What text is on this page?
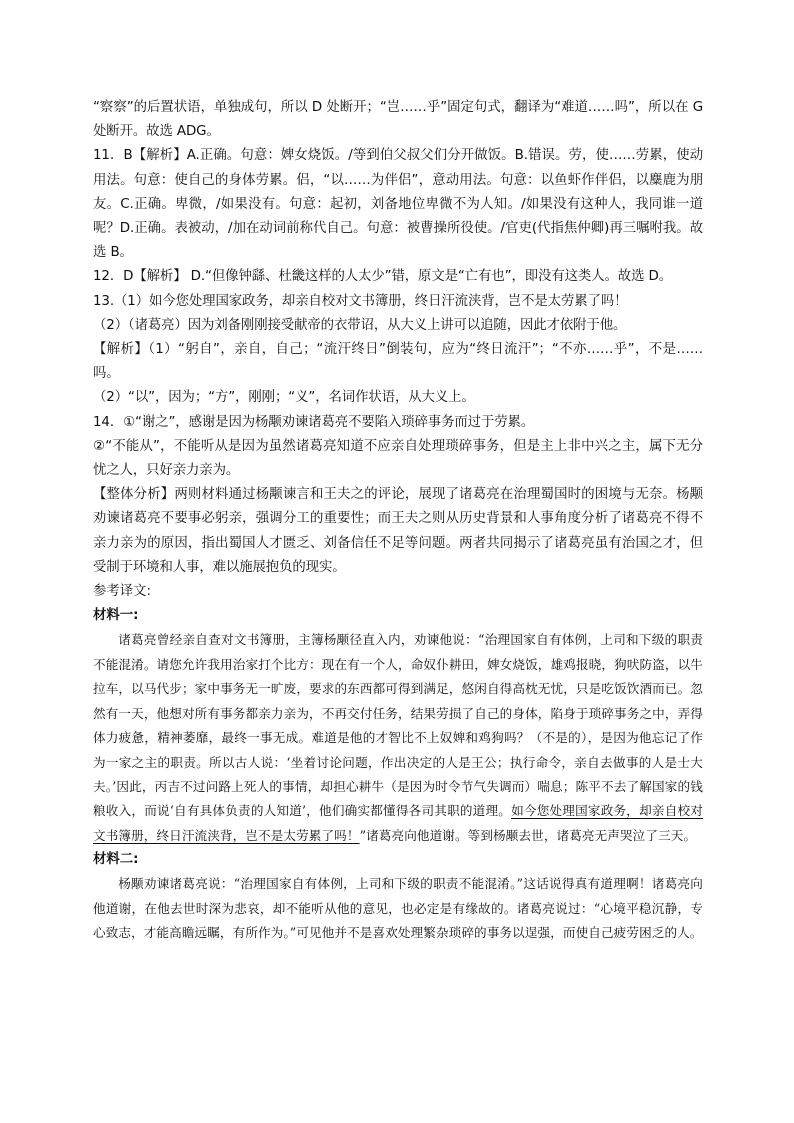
“察察”的后置状语，单独成句，所以 D 处断开；“岂……乎”固定句式，翻译为“难道……吗”，所以在 G 处断开。故选 ADG。

11．B【解析】A.正确。句意：婢女烧饭。/等到伯父叔父们分开做饭。B.错误。劳，使……劳累，使动用法。句意：使自己的身体劳累。侣，“以……为伴侣”，意动用法。句意：以鱼虾作伴侣，以麋鹿为朋友。C.正确。卑微，/如果没有。句意：起初，刘备地位卑微不为人知。/如果没有这种人，我同谁一道呢？D.正确。表被动，/加在动词前称代自己。句意：被曹操所役使。/官吏(代指焦仲卿)再三嘱咐我。故选 B。

12．D【解析】 D.“但像钟繇、杜畿这样的人太少”错，原文是“亡有也”，即没有这类人。故选 D。

13.（1）如今您处理国家政务，却亲自校对文书簿册，终日汗流浃背，岂不是太劳累了吗！

（2）（诸葛亮）因为刘备刚刚接受献帝的衣带诏，从大义上讲可以追随，因此才依附于他。

【解析】（1）“躬自”，亲自，自己；“流汗终日”倒装句，应为“终日流汗”；“不亦……乎”，不是……吗。

（2）“以”，因为；“方”，刚刚；“义”，名词作状语，从大义上。

14．①“谢之”，感谢是因为杨颙劝谏诸葛亮不要陷入琐碎事务而过于劳累。

②“不能从”，不能听从是因为虽然诸葛亮知道不应亲自处理琐碎事务，但是主上非中兴之主，属下无分忧之人，只好亲力亲为。

【整体分析】两则材料通过杨颙谏言和王夫之的评论，展现了诸葛亮在治理蜀国时的困境与无奈。杨颙劝谏诸葛亮不要事必躬亲，强调分工的重要性；而王夫之则从历史背景和人事角度分析了诸葛亮不得不亲力亲为的原因，指出蜀国人才匮乏、刘备信任不足等问题。两者共同揭示了诸葛亮虽有治国之才，但受制于环境和人事，难以施展抱负的现实。

参考译文:

材料一:

诸葛亮曾经亲自查对文书簿册，主簿杨颙径直入内，劝谏他说：“治理国家自有体例，上司和下级的职责不能混淆。请您允许我用治家打个比方：现在有一个人，命奴仆耕田，婢女烧饭，雄鸡报晓，狗吠防盗，以牛拉车，以马代步；家中事务无一旷废，要求的东西都可得到满足，悠闲自得高枕无忧，只是吃饭饮酒而已。忽然有一天，他想对所有事务都亲力亲为，不再交付任务，结果劳损了自己的身体，陷身于琐碎事务之中，弄得体力疲惫，精神萎靡，最终一事无成。难道是他的才智比不上奴婢和鸡狗吗？（不是的），是因为他忘记了作为一家之主的职责。所以古人说：‘坐着讨论问题，作出决定的人是王公；执行命令，亲自去做事的人是士大夫。’因此，丙吉不过问路上死人的事情，却担心耕牛（是因为时令节气失调而）喘息；陈平不去了解国家的钱粮收入，而说‘自有具体负责的人知道’，他们确实都懂得各司其职的道理。如今您处理国家政务，却亲自校对文书簿册，终日汗流浃背，岂不是太劳累了吗！”诸葛亮向他道谢。等到杨颙去世，诸葛亮无声哭泣了三天。

材料二:

杨颙劝谏诸葛亮说：“治理国家自有体例，上司和下级的职责不能混淆。”这话说得真有道理啊！诸葛亮向他道谢，在他去世时深为悲哀，却不能听从他的意见，也必定是有缘故的。诸葛亮说过：“心境平稳沉静，专心致志，才能高瞻远瞩，有所作为。”可见他并不是喜欢处理繁杂琐碎的事务以逞强，而使自己疲劳困乏的人。
